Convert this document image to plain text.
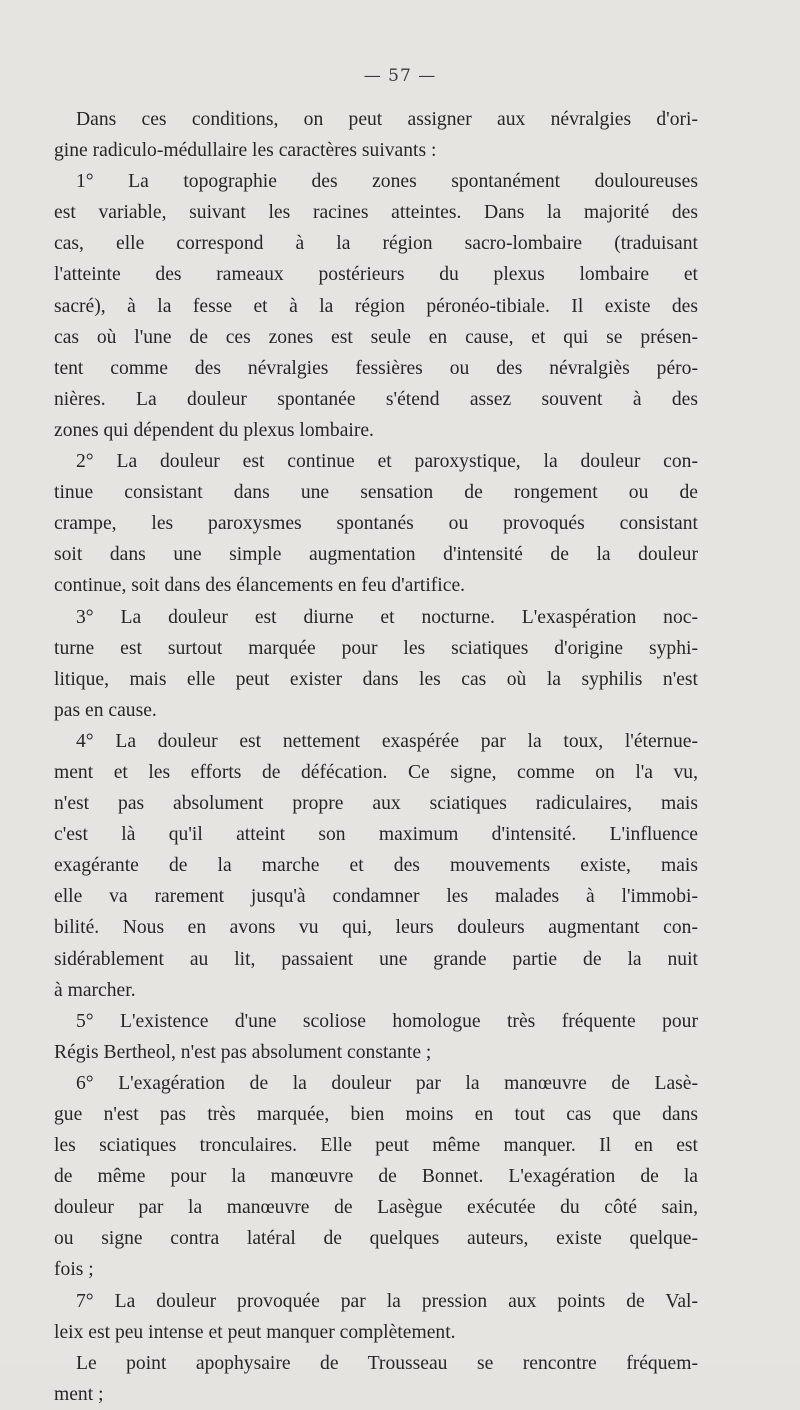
— 57 —
Dans ces conditions, on peut assigner aux névralgies d'ori-
gine radiculo-médullaire les caractères suivants :
1° La topographie des zones spontanément douloureuses
est variable, suivant les racines atteintes. Dans la majorité des
cas, elle correspond à la région sacro-lombaire (traduisant
l'atteinte des rameaux postérieurs du plexus lombaire et
sacré), à la fesse et à la région péronéo-tibiale. Il existe des
cas où l'une de ces zones est seule en cause, et qui se présen-
tent comme des névralgies fessières ou des névralgiès péro-
nières. La douleur spontanée s'étend assez souvent à des
zones qui dépendent du plexus lombaire.
2° La douleur est continue et paroxystique, la douleur con-
tinue consistant dans une sensation de rongement ou de
crampe, les paroxysmes spontanés ou provoqués consistant
soit dans une simple augmentation d'intensité de la douleur
continue, soit dans des élancements en feu d'artifice.
3° La douleur est diurne et nocturne. L'exaspération noc-
turne est surtout marquée pour les sciatiques d'origine syphi-
litique, mais elle peut exister dans les cas où la syphilis n'est
pas en cause.
4° La douleur est nettement exaspérée par la toux, l'éternue-
ment et les efforts de défécation. Ce signe, comme on l'a vu,
n'est pas absolument propre aux sciatiques radiculaires, mais
c'est là qu'il atteint son maximum d'intensité. L'influence
exagérante de la marche et des mouvements existe, mais
elle va rarement jusqu'à condamner les malades à l'immobi-
bilité. Nous en avons vu qui, leurs douleurs augmentant con-
sidérablement au lit, passaient une grande partie de la nuit
à marcher.
5° L'existence d'une scoliose homologue très fréquente pour
Régis Bertheol, n'est pas absolument constante ;
6° L'exagération de la douleur par la manœuvre de Lasè-
gue n'est pas très marquée, bien moins en tout cas que dans
les sciatiques tronculaires. Elle peut même manquer. Il en est
de même pour la manœuvre de Bonnet. L'exagération de la
douleur par la manœuvre de Lasègue exécutée du côté sain,
ou signe contra latéral de quelques auteurs, existe quelque-
fois ;
7° La douleur provoquée par la pression aux points de Val-
leix est peu intense et peut manquer complètement.
Le point apophysaire de Trousseau se rencontre fréquem-
ment ;
